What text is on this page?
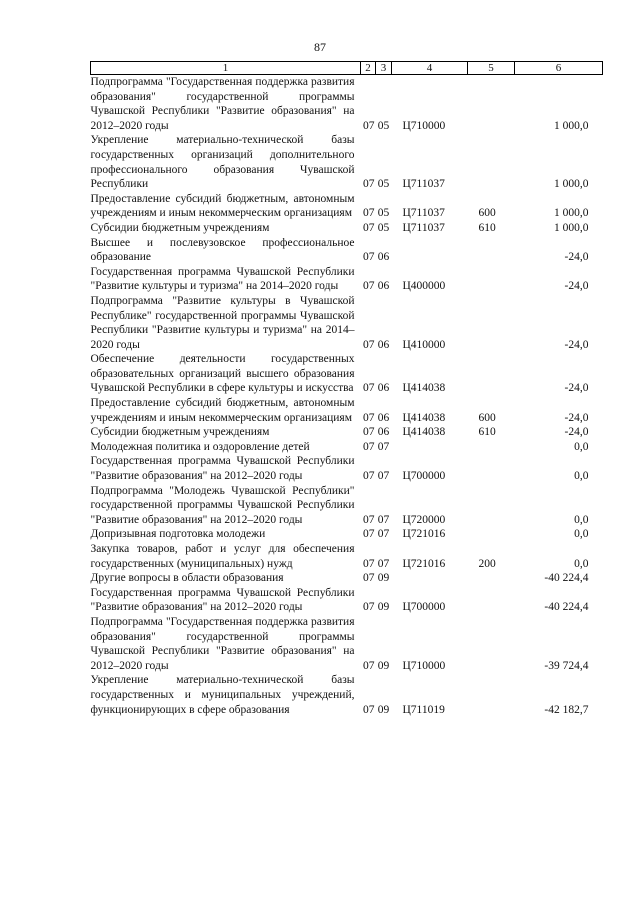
87
1	2	3	4	5	6
Подпрограмма "Государственная поддержка развития образования" государственной программы Чувашской Республики "Развитие образования" на 2012–2020 годы	07	05	Ц710000		1 000,0
Укрепление материально-технической базы государственных организаций дополнительного профессионального образования Чувашской Республики	07	05	Ц711037		1 000,0
Предоставление субсидий бюджетным, автономным учреждениям и иным некоммерческим организациям	07	05	Ц711037	600	1 000,0
Субсидии бюджетным учреждениям	07	05	Ц711037	610	1 000,0
Высшее и послевузовское профессиональное образование	07	06			-24,0
Государственная программа Чувашской Республики "Развитие культуры и туризма" на 2014–2020 годы	07	06	Ц400000		-24,0
Подпрограмма "Развитие культуры в Чувашской Республике" государственной программы Чувашской Республики "Развитие культуры и туризма" на 2014–2020 годы	07	06	Ц410000		-24,0
Обеспечение деятельности государственных образовательных организаций высшего образования Чувашской Республики в сфере культуры и искусства	07	06	Ц414038		-24,0
Предоставление субсидий бюджетным, автономным учреждениям и иным некоммерческим организациям	07	06	Ц414038	600	-24,0
Субсидии бюджетным учреждениям	07	06	Ц414038	610	-24,0
Молодежная политика и оздоровление детей	07	07			0,0
Государственная программа Чувашской Республики "Развитие образования" на 2012–2020 годы	07	07	Ц700000		0,0
Подпрограмма "Молодежь Чувашской Республики" государственной программы Чувашской Республики "Развитие образования" на 2012–2020 годы	07	07	Ц720000		0,0
Допризывная подготовка молодежи	07	07	Ц721016		0,0
Закупка товаров, работ и услуг для обеспечения государственных (муниципальных) нужд	07	07	Ц721016	200	0,0
Другие вопросы в области образования	07	09			-40 224,4
Государственная программа Чувашской Республики "Развитие образования" на 2012–2020 годы	07	09	Ц700000		-40 224,4
Подпрограмма "Государственная поддержка развития образования" государственной программы Чувашской Республики "Развитие образования" на 2012–2020 годы	07	09	Ц710000		-39 724,4
Укрепление материально-технической базы государственных и муниципальных учреждений, функционирующих в сфере образования	07	09	Ц711019		-42 182,7
